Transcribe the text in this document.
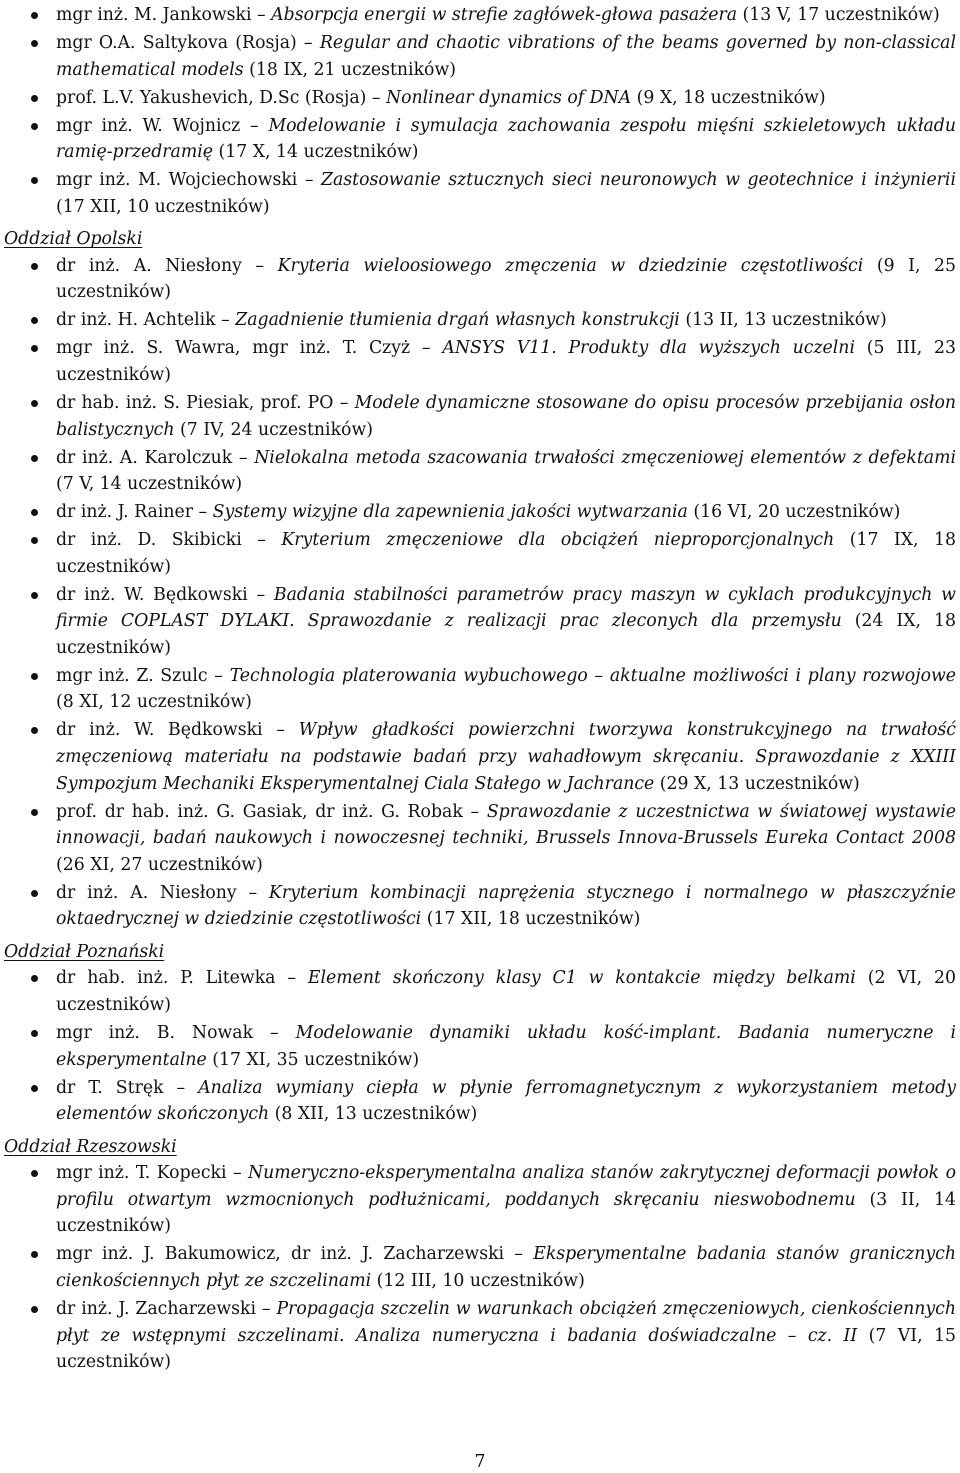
mgr inż. M. Jankowski – Absorpcja energii w strefie zagłówek-głowa pasażera (13 V, 17 uczestników)
mgr O.A. Saltykova (Rosja) – Regular and chaotic vibrations of the beams governed by non-classical mathematical models (18 IX, 21 uczestników)
prof. L.V. Yakushevich, D.Sc (Rosja) – Nonlinear dynamics of DNA (9 X, 18 uczestników)
mgr inż. W. Wojnicz – Modelowanie i symulacja zachowania zespołu mięśni szkieletowych układu ramię-przedramię (17 X, 14 uczestników)
mgr inż. M. Wojciechowski – Zastosowanie sztucznych sieci neuronowych w geotechnice i inżynierii (17 XII, 10 uczestników)
Oddział Opolski
dr inż. A. Niesłony – Kryteria wieloosiowego zmęczenia w dziedzinie częstotliwości (9 I, 25 uczestników)
dr inż. H. Achtelik – Zagadnienie tłumienia drgań własnych konstrukcji (13 II, 13 uczestników)
mgr inż. S. Wawra, mgr inż. T. Czyż – ANSYS V11. Produkty dla wyższych uczelni (5 III, 23 uczestników)
dr hab. inż. S. Piesiak, prof. PO – Modele dynamiczne stosowane do opisu procesów przebijania osłon balistycznych (7 IV, 24 uczestników)
dr inż. A. Karolczuk – Nielokalna metoda szacowania trwałości zmęczeniowej elementów z defektami (7 V, 14 uczestników)
dr inż. J. Rainer – Systemy wizyjne dla zapewnienia jakości wytwarzania (16 VI, 20 uczestników)
dr inż. D. Skibicki – Kryterium zmęczeniowe dla obciążeń nieproporcjonalnych (17 IX, 18 uczestników)
dr inż. W. Będkowski – Badania stabilności parametrów pracy maszyn w cyklach produkcyjnych w firmie COPLAST DYLAKI. Sprawozdanie z realizacji prac zleconych dla przemysłu (24 IX, 18 uczestników)
mgr inż. Z. Szulc – Technologia platerowania wybuchowego – aktualne możliwości i plany rozwojowe (8 XI, 12 uczestników)
dr inż. W. Będkowski – Wpływ gładkości powierzchni tworzywa konstrukcyjnego na trwałość zmęczeniową materiału na podstawie badań przy wahadłowym skręcaniu. Sprawozdanie z XXIII Sympozjum Mechaniki Eksperymentalnej Ciala Stałego w Jachrance (29 X, 13 uczestników)
prof. dr hab. inż. G. Gasiak, dr inż. G. Robak – Sprawozdanie z uczestnictwa w światowej wystawie innowacji, badań naukowych i nowoczesnej techniki, Brussels Innova-Brussels Eureka Contact 2008 (26 XI, 27 uczestników)
dr inż. A. Niesłony – Kryterium kombinacji naprężenia stycznego i normalnego w płaszczyźnie oktaedrycznej w dziedzinie częstotliwości (17 XII, 18 uczestników)
Oddział Poznański
dr hab. inż. P. Litewka – Element skończony klasy C1 w kontakcie między belkami (2 VI, 20 uczestników)
mgr inż. B. Nowak – Modelowanie dynamiki układu kość-implant. Badania numeryczne i eksperymentalne (17 XI, 35 uczestników)
dr T. Stręk – Analiza wymiany ciepła w płynie ferromagnetycznym z wykorzystaniem metody elementów skończonych (8 XII, 13 uczestników)
Oddział Rzeszowski
mgr inż. T. Kopecki – Numeryczno-eksperymentalna analiza stanów zakrytycznej deformacji powłok o profilu otwartym wzmocnionych podłużnicami, poddanych skręcaniu nieswobodnemu (3 II, 14 uczestników)
mgr inż. J. Bakumowicz, dr inż. J. Zacharzewski – Eksperymentalne badania stanów granicznych cienkościennych płyt ze szczelinami (12 III, 10 uczestników)
dr inż. J. Zacharzewski – Propagacja szczelin w warunkach obciążeń zmęczeniowych, cienkościennych płyt ze wstępnymi szczelinami. Analiza numeryczna i badania doświadczalne – cz. II (7 VI, 15 uczestników)
7
